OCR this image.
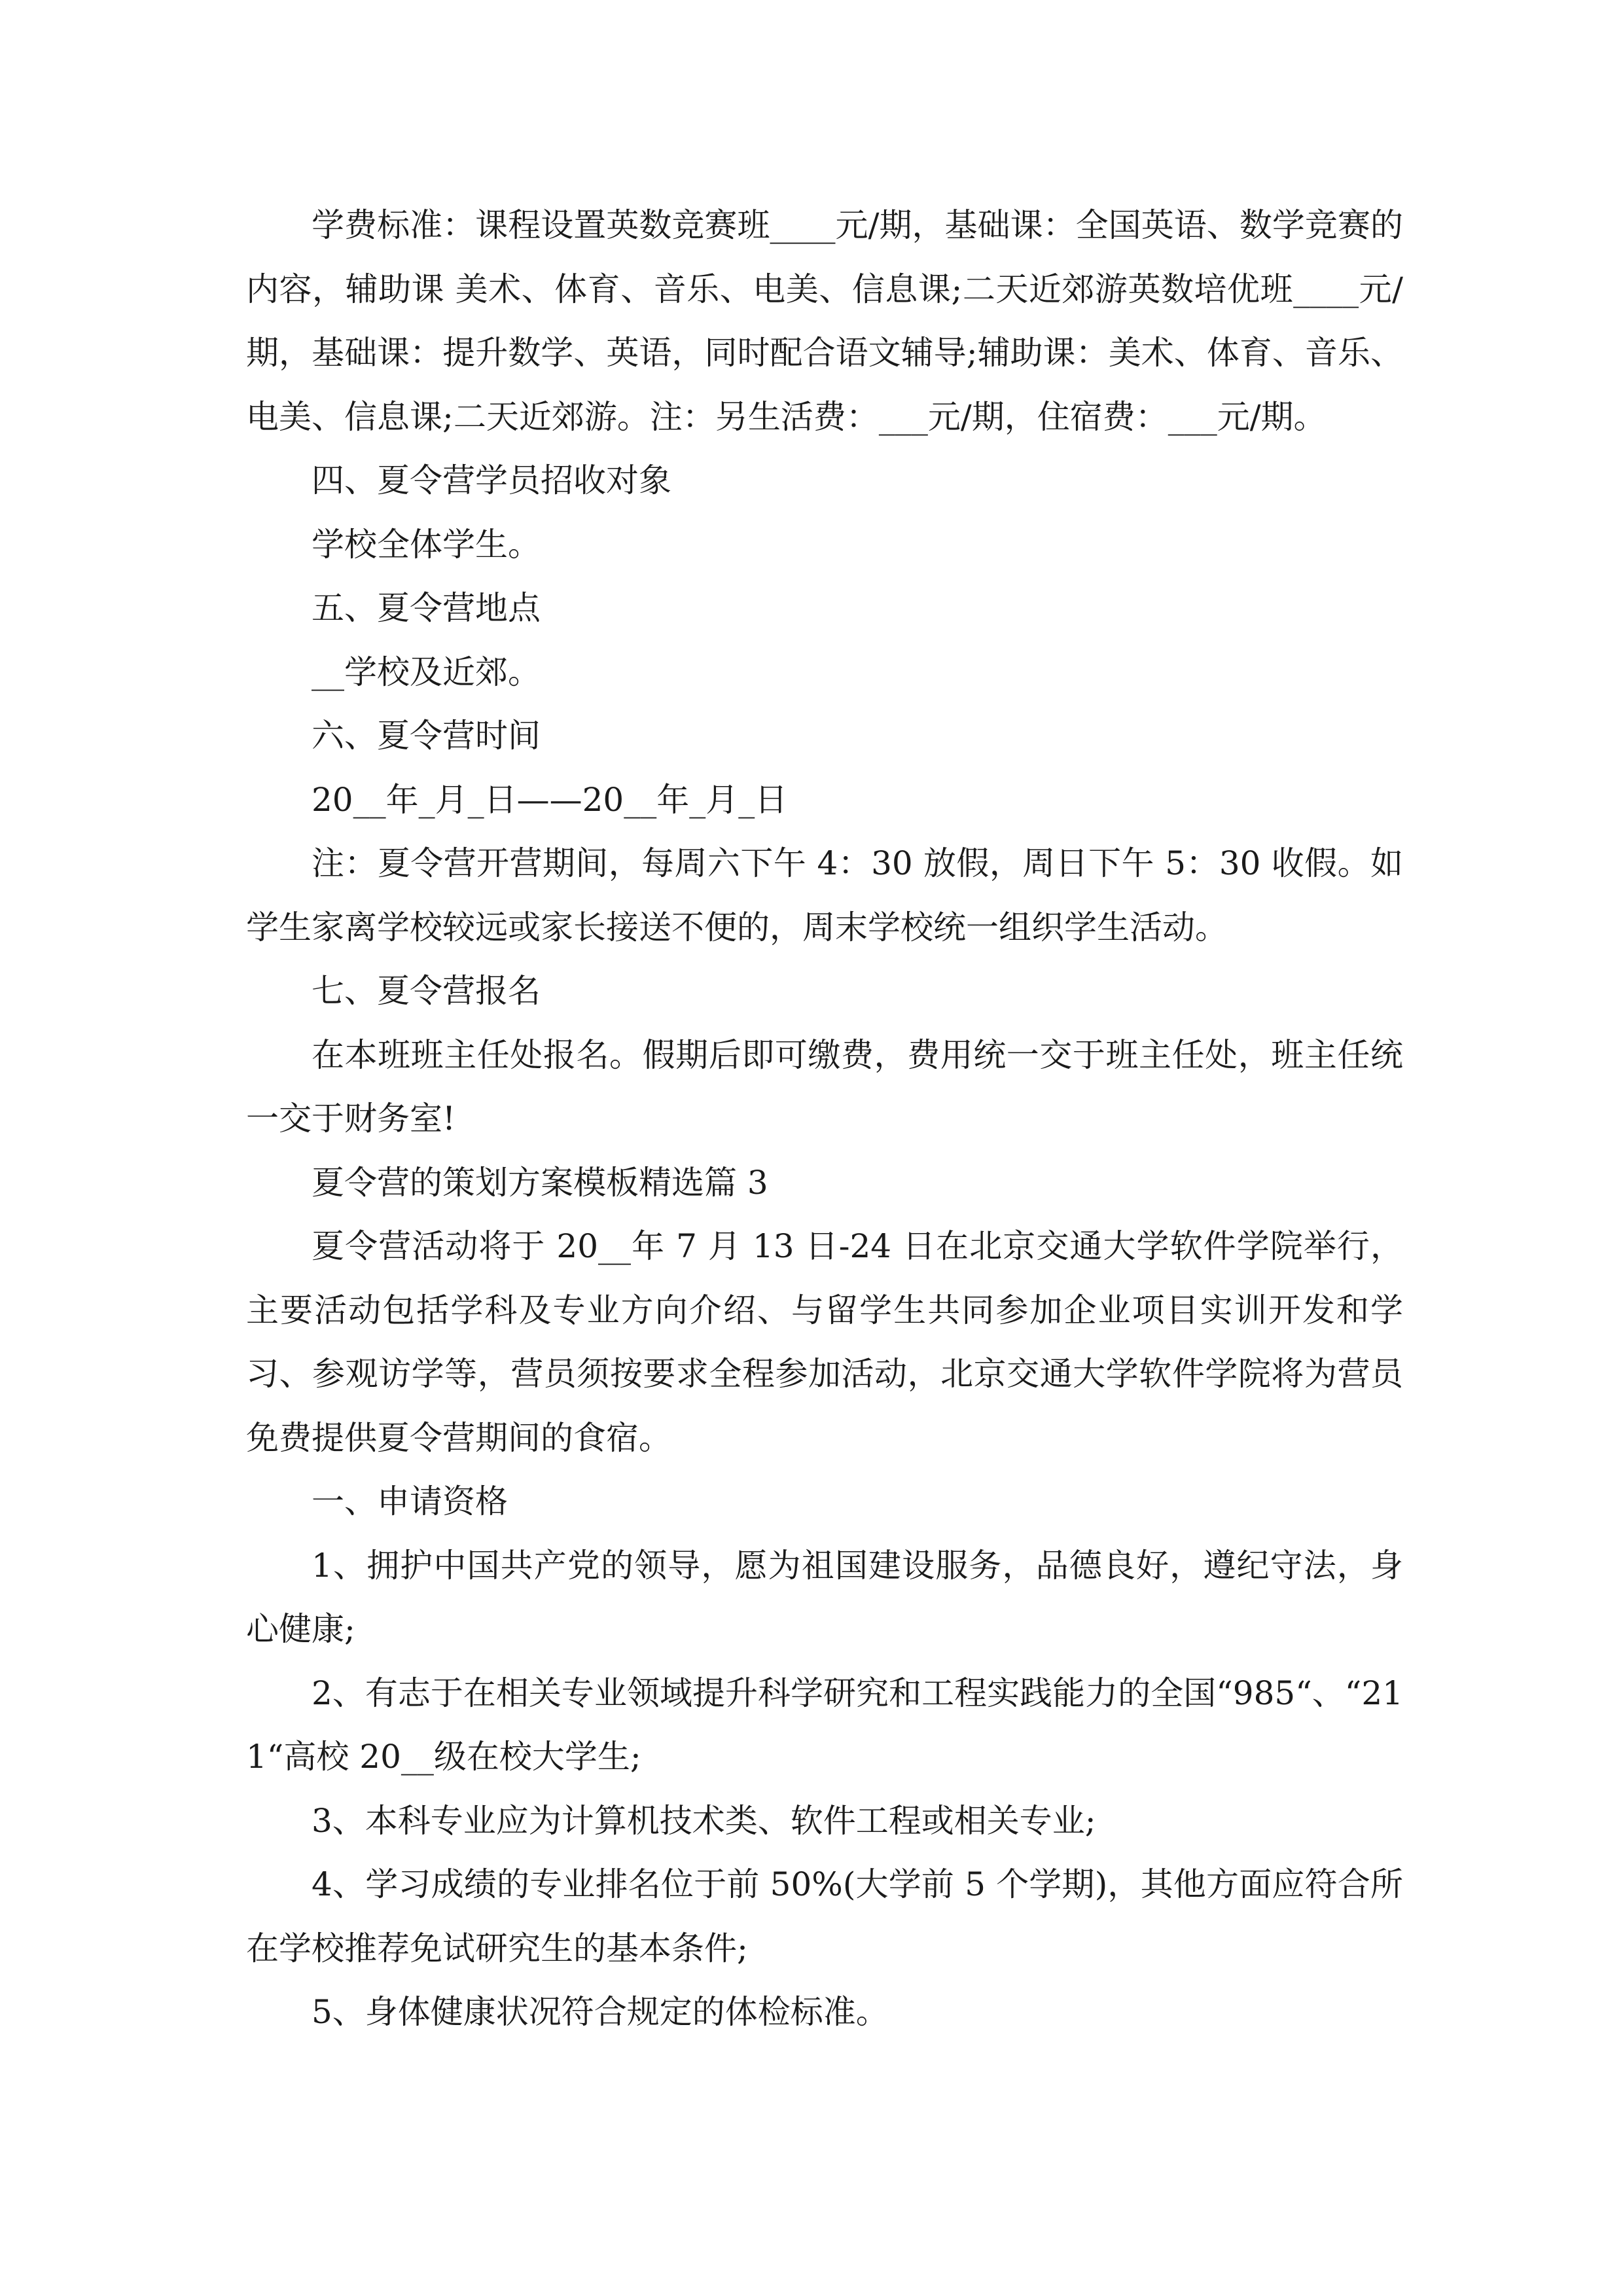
学费标准：课程设置英数竞赛班____元/期，基础课：全国英语、数学竞赛的内容，辅助课 美术、体育、音乐、电美、信息课;二天近郊游英数培优班____元/期，基础课：提升数学、英语，同时配合语文辅导;辅助课：美术、体育、音乐、电美、信息课;二天近郊游。注：另生活费：___元/期，住宿费：___元/期。

四、夏令营学员招收对象

学校全体学生。

五、夏令营地点

__学校及近郊。

六、夏令营时间

20__年_月_日——20__年_月_日

注：夏令营开营期间，每周六下午 4：30 放假，周日下午 5：30 收假。如学生家离学校较远或家长接送不便的，周末学校统一组织学生活动。

七、夏令营报名

在本班班主任处报名。假期后即可缴费，费用统一交于班主任处，班主任统一交于财务室!

夏令营的策划方案模板精选篇 3

夏令营活动将于 20__年 7 月 13 日-24 日在北京交通大学软件学院举行，主要活动包括学科及专业方向介绍、与留学生共同参加企业项目实训开发和学习、参观访学等，营员须按要求全程参加活动，北京交通大学软件学院将为营员免费提供夏令营期间的食宿。

一、申请资格

1、拥护中国共产党的领导，愿为祖国建设服务，品德良好，遵纪守法，身心健康;

2、有志于在相关专业领域提升科学研究和工程实践能力的全国“985“、“211“高校 20__级在校大学生;

3、本科专业应为计算机技术类、软件工程或相关专业;

4、学习成绩的专业排名位于前 50%(大学前 5 个学期)，其他方面应符合所在学校推荐免试研究生的基本条件;

5、身体健康状况符合规定的体检标准。
